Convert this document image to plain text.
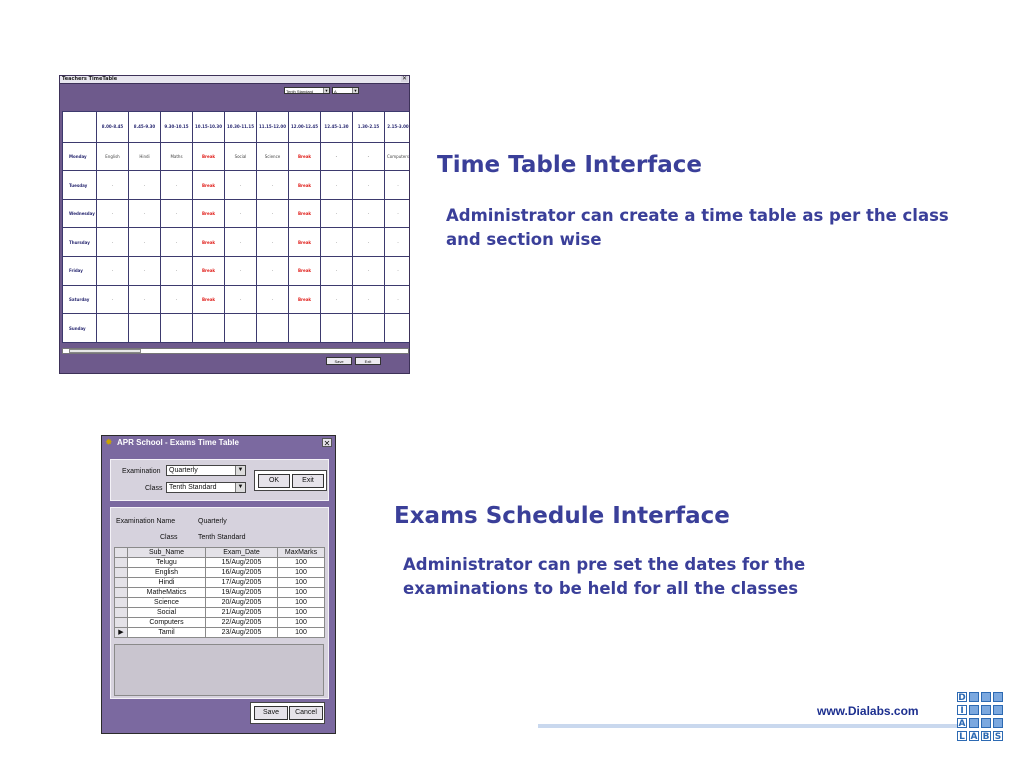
Teachers TimeTable	✕
Tenth Standard	▼	A	▼
	8.00-8.45	8.45-9.30	9.30-10.15	10.15-10.30	10.30-11.15	11.15-12.00	12.00-12.45	12.45-1.30	1.30-2.15	2.15-3.00
Monday	English	Hindi	Maths	Break	Social	Science	Break	-	-	Computers
Tuesday	·	·	·	Break	·	·	Break	·	·	·
Wednesday	·	·	·	Break	·	·	Break	·	·	·
Thursday	·	·	·	Break	·	·	Break	·	·	·
Friday	·	·	·	Break	·	·	Break	·	·	·
Saturday	·	·	·	Break	·	·	Break	·	·	·
Sunday										
Save	Exit
✸ APR School - Exams Time Table	✕
Examination	Quarterly	▼
Class Tenth Standard	▼
OK	Exit
Examination Name	Quarterly
Class	Tenth Standard
	Sub_Name	Exam_Date	MaxMarks
	Telugu	15/Aug/2005	100
	English	16/Aug/2005	100
	Hindi	17/Aug/2005	100
	MatheMatics	19/Aug/2005	100
	Science	20/Aug/2005	100
	Social	21/Aug/2005	100
	Computers	22/Aug/2005	100
▶	Tamil	23/Aug/2005	100
Save	Cancel
Time Table Interface
Administrator can create a time table as per the class and section wise
Exams Schedule Interface
Administrator can pre set the dates for the examinations to be held for all the classes
www.Dialabs.com
D
I
A
L A B S
